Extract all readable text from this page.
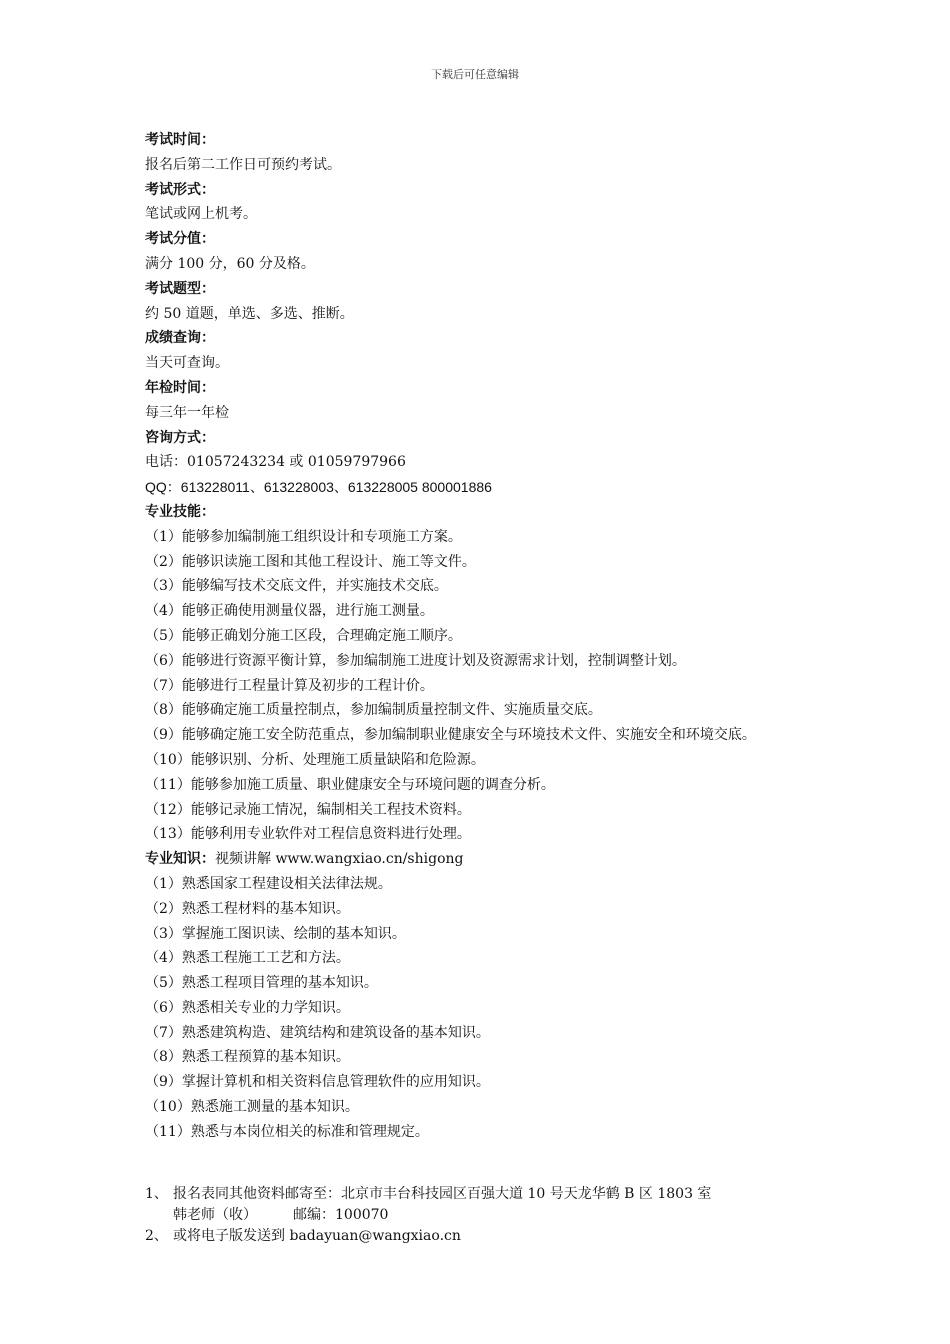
下载后可任意编辑
考试时间：
报名后第二工作日可预约考试。
考试形式：
笔试或网上机考。
考试分值：
满分 100 分，60 分及格。
考试题型：
约 50 道题，单选、多选、推断。
成绩查询：
当天可查询。
年检时间：
每三年一年检
咨询方式：
电话：01057243234 或 01059797966
QQ：613228011、613228003、613228005 800001886
专业技能：
（1）能够参加编制施工组织设计和专项施工方案。
（2）能够识读施工图和其他工程设计、施工等文件。
（3）能够编写技术交底文件，并实施技术交底。
（4）能够正确使用测量仪器，进行施工测量。
（5）能够正确划分施工区段，合理确定施工顺序。
（6）能够进行资源平衡计算，参加编制施工进度计划及资源需求计划，控制调整计划。
（7）能够进行工程量计算及初步的工程计价。
（8）能够确定施工质量控制点，参加编制质量控制文件、实施质量交底。
（9）能够确定施工安全防范重点，参加编制职业健康安全与环境技术文件、实施安全和环境交底。
（10）能够识别、分析、处理施工质量缺陷和危险源。
（11）能够参加施工质量、职业健康安全与环境问题的调查分析。
（12）能够记录施工情况，编制相关工程技术资料。
（13）能够利用专业软件对工程信息资料进行处理。
专业知识：视频讲解 www.wangxiao.cn/shigong
（1）熟悉国家工程建设相关法律法规。
（2）熟悉工程材料的基本知识。
（3）掌握施工图识读、绘制的基本知识。
（4）熟悉工程施工工艺和方法。
（5）熟悉工程项目管理的基本知识。
（6）熟悉相关专业的力学知识。
（7）熟悉建筑构造、建筑结构和建筑设备的基本知识。
（8）熟悉工程预算的基本知识。
（9）掌握计算机和相关资料信息管理软件的应用知识。
（10）熟悉施工测量的基本知识。
（11）熟悉与本岗位相关的标准和管理规定。
1、 报名表同其他资料邮寄至：北京市丰台科技园区百强大道 10 号天龙华鹤 B 区 1803 室
韩老师（收）	邮编：100070
2、 或将电子版发送到 badayuan@wangxiao.cn
